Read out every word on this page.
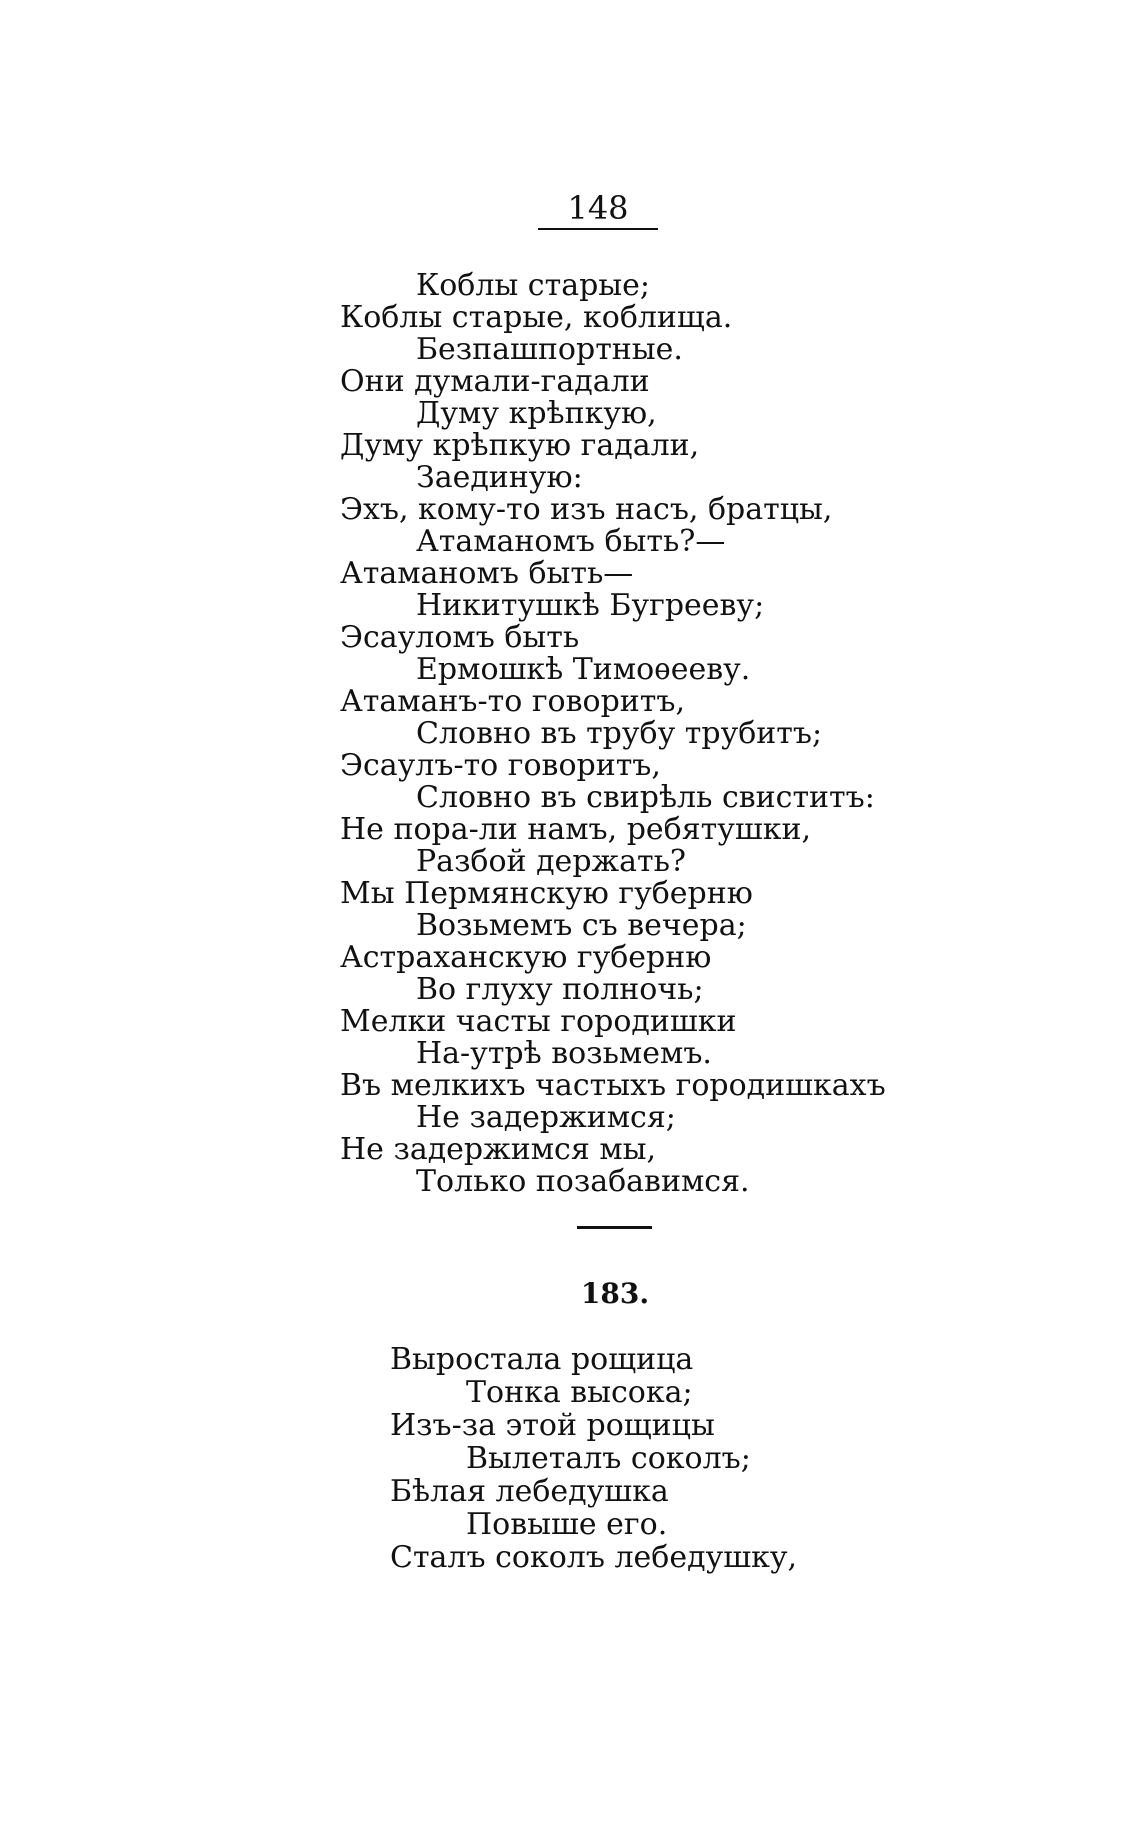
148
Коблы старые;
Коблы старые, коблища.
Безпашпортные.
Они думали-гадали
Думу крѣпкую,
Думу крѣпкую гадали,
Заединую:
Эхъ, кому-то изъ насъ, братцы,
Атаманомъ быть?—
Атаманомъ быть—
Никитушкѣ Бугрееву;
Эсауломъ быть
Ермошкѣ Тимоѳееву.
Атаманъ-то говоритъ,
Словно въ трубу трубитъ;
Эсаулъ-то говоритъ,
Словно въ свирѣль свиститъ:
Не пора-ли намъ, ребятушки,
Разбой держать?
Мы Пермянскую губерню
Возьмемъ съ вечера;
Астраханскую губерню
Во глуху полночь;
Мелки часты городишки
На-утрѣ возьмемъ.
Въ мелкихъ частыхъ городишкахъ
Не задержимся;
Не задержимся мы,
Только позабавимся.
183.
Выростала рощица
Тонка высока;
Изъ-за этой рощицы
Вылеталъ соколъ;
Бѣлая лебедушка
Повыше его.
Сталъ соколъ лебедушку,
